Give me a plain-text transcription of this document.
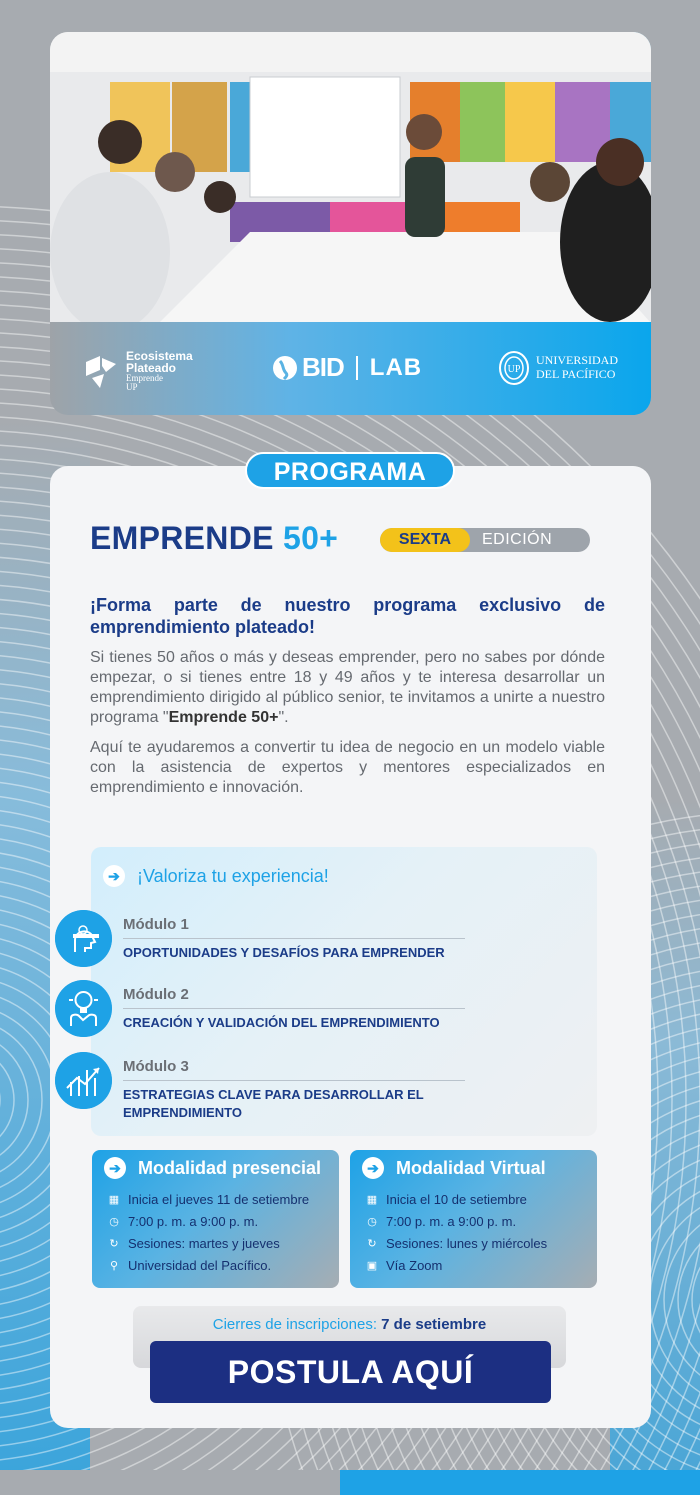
Ecosistema
Plateado
Emprende
UP
BID LAB	UP
UNIVERSIDAD
DEL PACÍFICO
PROGRAMA
EMPRENDE 50+	SEXTA	EDICIÓN
¡Forma parte de nuestro programa exclusivo de emprendimiento plateado!
Si tienes 50 años o más y deseas emprender, pero no sabes por dónde empezar, o si tienes entre 18 y 49 años y te interesa desarrollar un emprendimiento dirigido al público senior, te invitamos a unirte a nuestro programa "Emprende 50+".
Aquí te ayudaremos a convertir tu idea de negocio en un modelo viable con la asistencia de expertos y mentores especializados en emprendimiento e innovación.
➔ ¡Valoriza tu experiencia!
Módulo 1
OPORTUNIDADES Y DESAFÍOS PARA EMPRENDER
Módulo 2
CREACIÓN Y VALIDACIÓN DEL EMPRENDIMIENTO
Módulo 3
ESTRATEGIAS CLAVE PARA DESARROLLAR EL EMPRENDIMIENTO
➔ Modalidad presencial
▦ Inicia el jueves 11 de setiembre
◷ 7:00 p. m. a 9:00 p. m.
↻ Sesiones: martes y jueves
⚲ Universidad del Pacífico.
➔ Modalidad Virtual
▦ Inicia el 10 de setiembre
◷ 7:00 p. m. a 9:00 p. m.
↻ Sesiones: lunes y miércoles
▣ Vía Zoom
Cierres de inscripciones: 7 de setiembre
POSTULA AQUÍ
